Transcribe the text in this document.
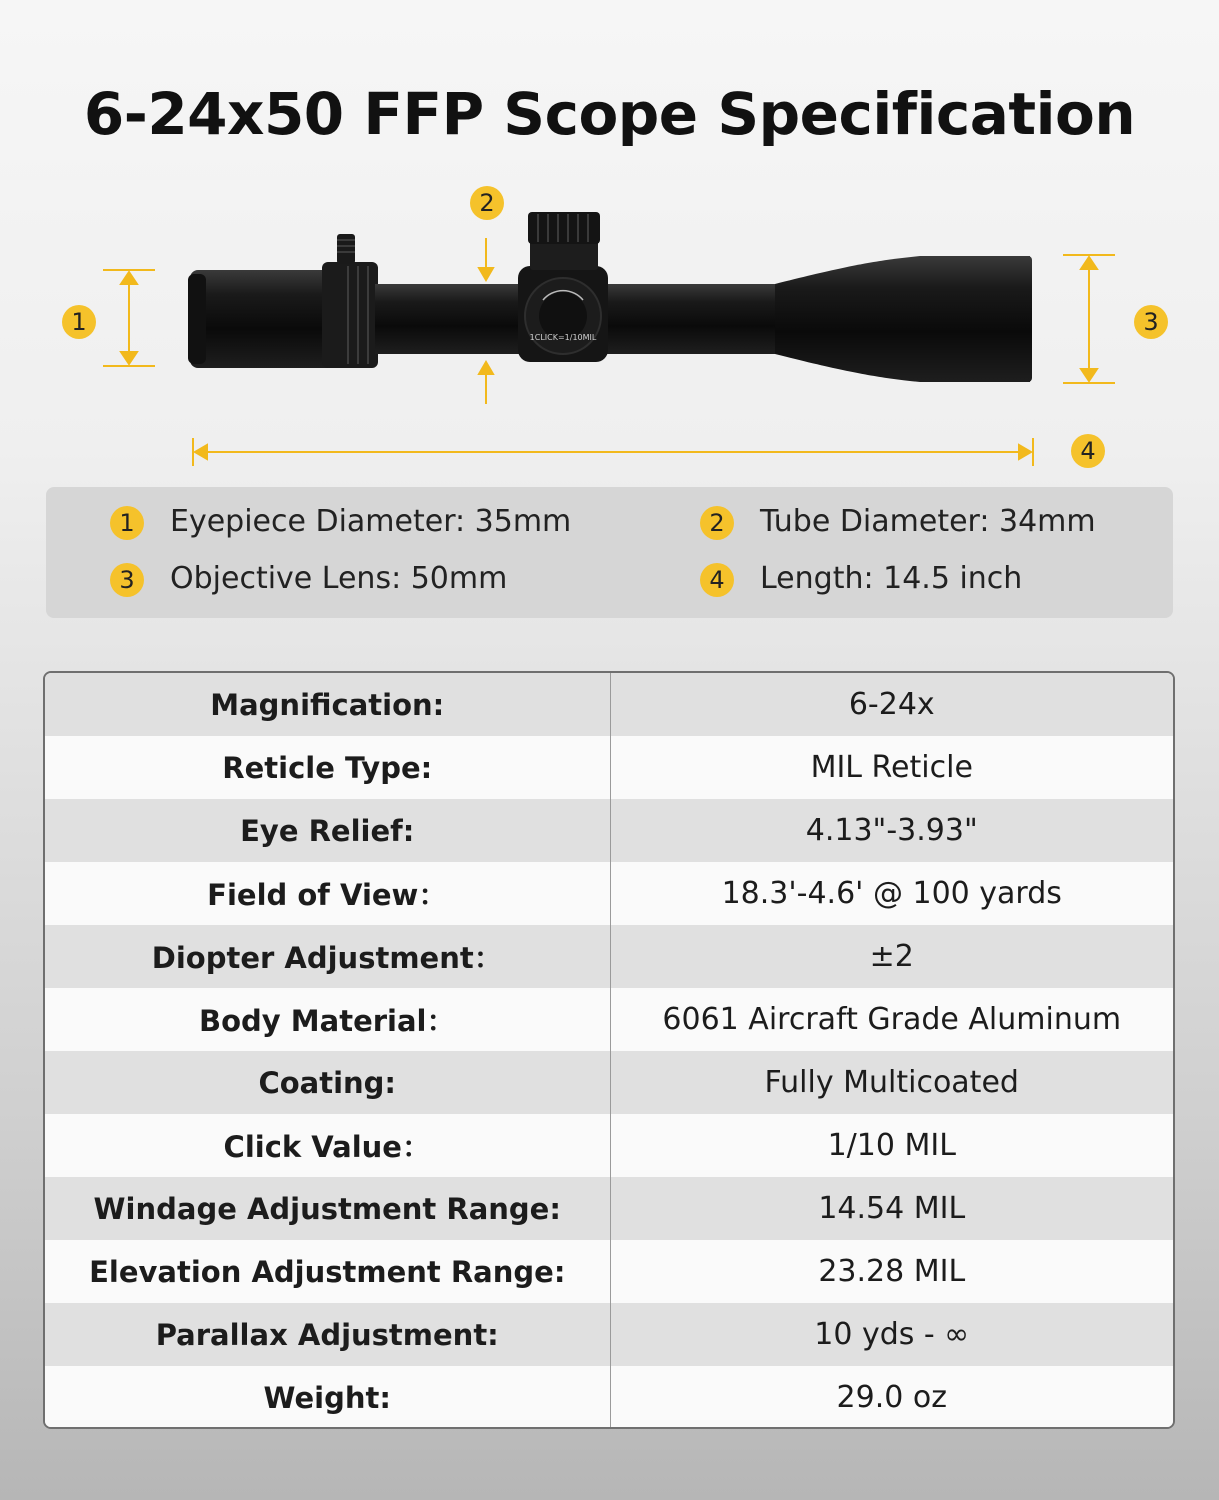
6-24x50 FFP Scope Specification
1CLICK=1/10MIL
1
2
3
4
1	Eyepiece Diameter: 35mm	2	Tube Diameter: 34mm
3	Objective Lens: 50mm	4	Length: 14.5 inch
Magnification:	6-24x
Reticle Type:	MIL Reticle
Eye Relief:	4.13"-3.93"
Field of View：	18.3'-4.6' @ 100 yards
Diopter Adjustment：	±2
Body Material：	6061 Aircraft Grade Aluminum
Coating:	Fully Multicoated
Click Value：	1/10 MIL
Windage Adjustment Range:	14.54 MIL
Elevation Adjustment Range:	23.28 MIL
Parallax Adjustment:	10 yds - ∞
Weight:	29.0 oz
